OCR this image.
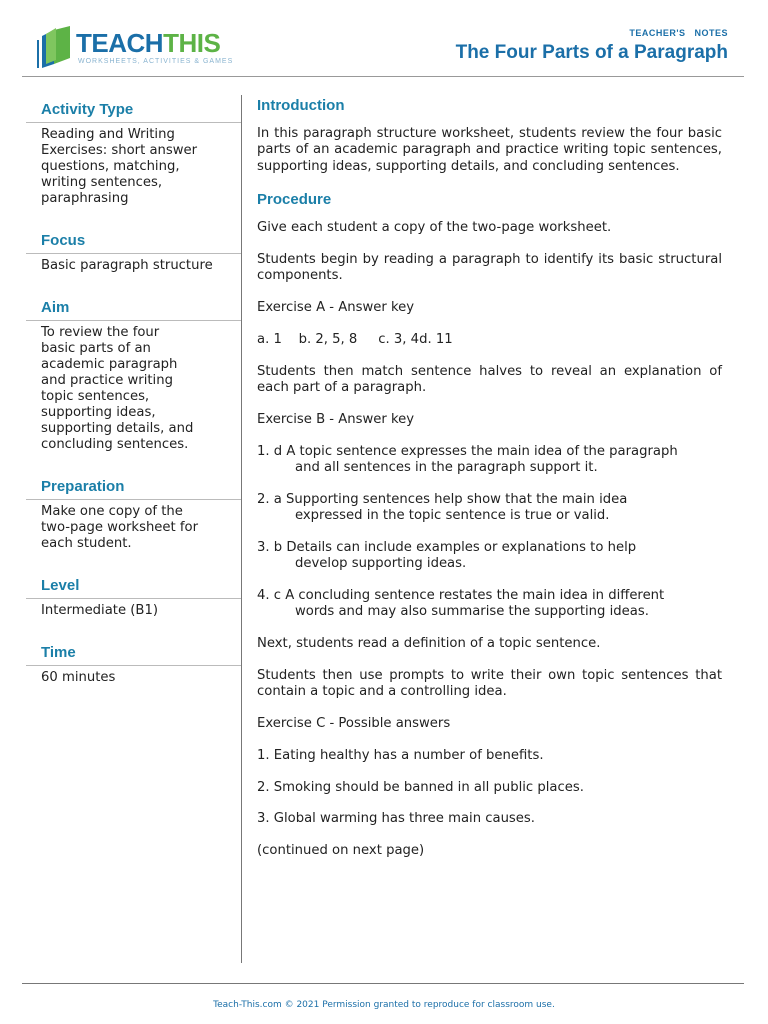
TEACHTHIS
WORKSHEETS, ACTIVITIES & GAMES
TEACHER'S   NOTES
The Four Parts of a Paragraph
Activity Type
Reading and Writing
Exercises: short answer
questions, matching,
writing sentences,
paraphrasing
Focus
Basic paragraph structure
Aim
To review the four
basic parts of an
academic paragraph
and practice writing
topic sentences,
supporting ideas,
supporting details, and
concluding sentences.
Preparation
Make one copy of the
two-page worksheet for
each student.
Level
Intermediate (B1)
Time
60 minutes
Introduction
In this paragraph structure worksheet, students review the four basic parts of an academic paragraph and practice writing topic sentences, supporting ideas, supporting details, and concluding sentences.
Procedure
Give each student a copy of the two-page worksheet.
Students begin by reading a paragraph to identify its basic structural components.
Exercise A - Answer key
a. 1    b. 2, 5, 8     c. 3, 4d. 11
Students then match sentence halves to reveal an explanation of each part of a paragraph.
Exercise B - Answer key
1. d A topic sentence expresses the main idea of the paragraph
and all sentences in the paragraph support it.
2. a Supporting sentences help show that the main idea
expressed in the topic sentence is true or valid.
3. b Details can include examples or explanations to help
develop supporting ideas.
4. c A concluding sentence restates the main idea in different
words and may also summarise the supporting ideas.
Next, students read a definition of a topic sentence.
Students then use prompts to write their own topic sentences that contain a topic and a controlling idea.
Exercise C - Possible answers
1. Eating healthy has a number of benefits.
2. Smoking should be banned in all public places.
3. Global warming has three main causes.
(continued on next page)
Teach-This.com © 2021 Permission granted to reproduce for classroom use.
